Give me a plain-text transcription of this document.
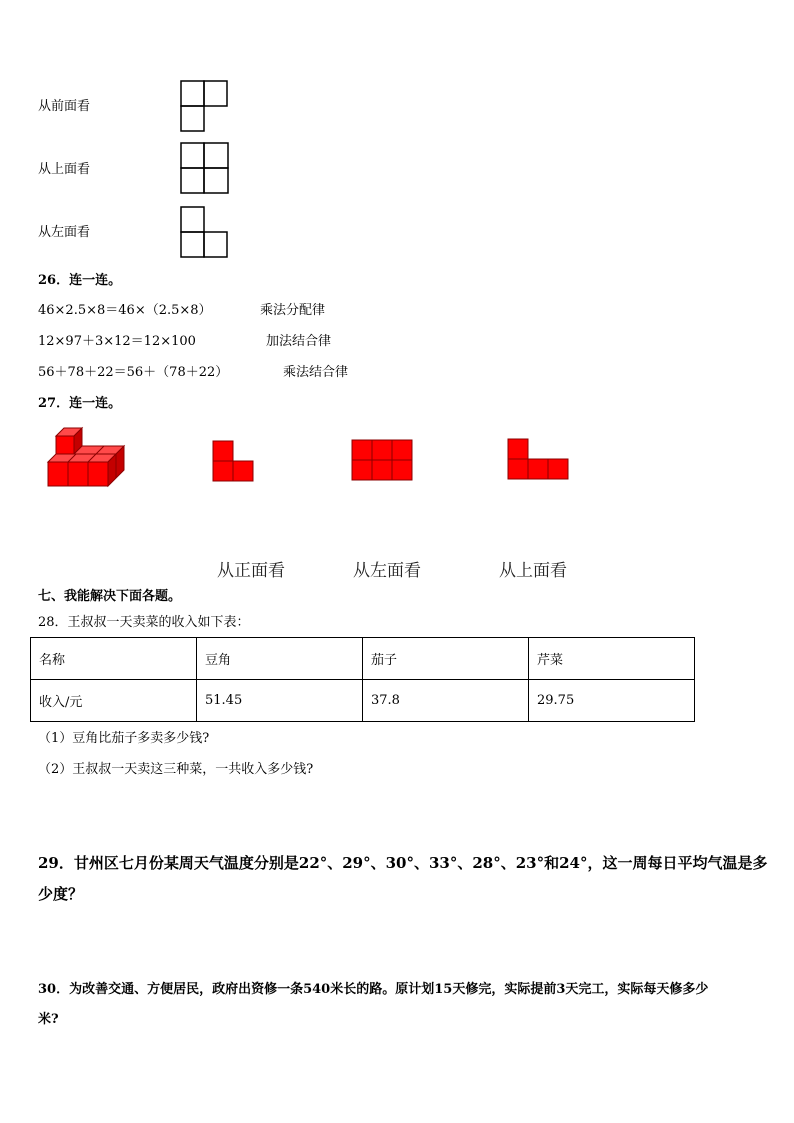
从前面看
从上面看
从左面看
26．连一连。
46×2.5×8＝46×（2.5×8）	乘法分配律
12×97＋3×12＝12×100	加法结合律
56＋78＋22＝56＋（78＋22）	乘法结合律
27．连一连。
从正面看	从左面看	从上面看
七、我能解决下面各题。
28．王叔叔一天卖菜的收入如下表：
名称	豆角	茄子	芹菜
收入/元	51.45	37.8	29.75
（1）豆角比茄子多卖多少钱?
（2）王叔叔一天卖这三种菜，一共收入多少钱?
29．甘州区七月份某周天气温度分别是22°、29°、30°、33°、28°、23°和24°，这一周每日平均气温是多
少度？
30．为改善交通、方便居民，政府出资修一条540米长的路。原计划15天修完，实际提前3天完工，实际每天修多少
米?
